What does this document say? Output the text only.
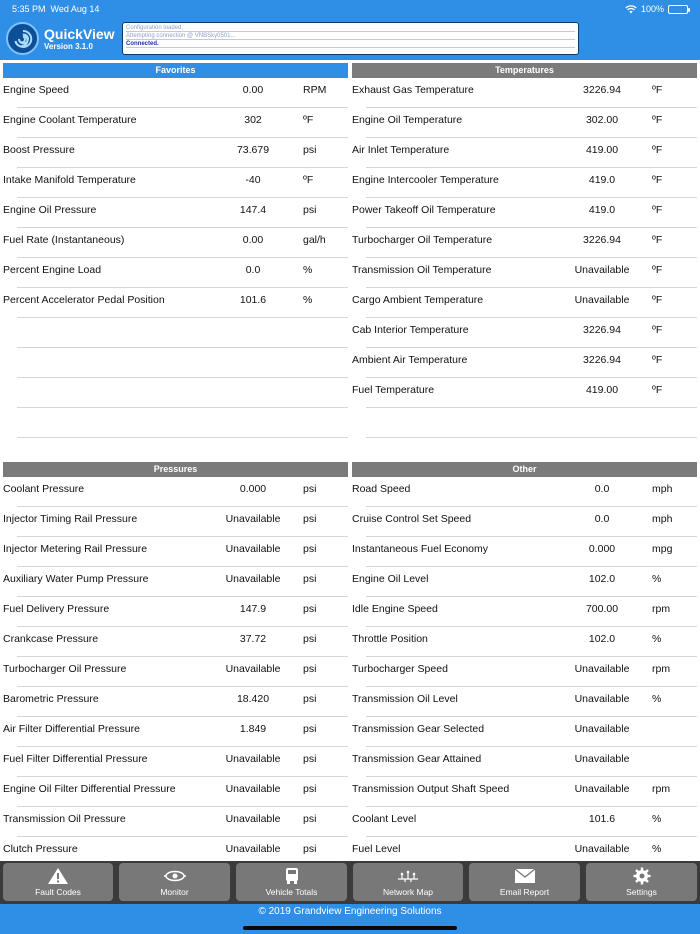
5:35 PM Wed Aug 14	100%
QuickView
Version 3.1.0
Configuration loaded.
Attempting connection @ VNBSky0501...
Connected.
Favorites
Engine Speed	0.00	RPM
Engine Coolant Temperature	302	ºF
Boost Pressure	73.679	psi
Intake Manifold Temperature	-40	ºF
Engine Oil Pressure	147.4	psi
Fuel Rate (Instantaneous)	0.00	gal/h
Percent Engine Load	0.0	%
Percent Accelerator Pedal Position	101.6	%
Temperatures
Exhaust Gas Temperature	3226.94	ºF
Engine Oil Temperature	302.00	ºF
Air Inlet Temperature	419.00	ºF
Engine Intercooler Temperature	419.0	ºF
Power Takeoff Oil Temperature	419.0	ºF
Turbocharger Oil Temperature	3226.94	ºF
Transmission Oil Temperature	Unavailable	ºF
Cargo Ambient Temperature	Unavailable	ºF
Cab Interior Temperature	3226.94	ºF
Ambient Air Temperature	3226.94	ºF
Fuel Temperature	419.00	ºF
Pressures
Coolant Pressure	0.000	psi
Injector Timing Rail Pressure	Unavailable	psi
Injector Metering Rail Pressure	Unavailable	psi
Auxiliary Water Pump Pressure	Unavailable	psi
Fuel Delivery Pressure	147.9	psi
Crankcase Pressure	37.72	psi
Turbocharger Oil Pressure	Unavailable	psi
Barometric Pressure	18.420	psi
Air Filter Differential Pressure	1.849	psi
Fuel Filter Differential Pressure	Unavailable	psi
Engine Oil Filter Differential Pressure	Unavailable	psi
Transmission Oil Pressure	Unavailable	psi
Clutch Pressure	Unavailable	psi
Other
Road Speed	0.0	mph
Cruise Control Set Speed	0.0	mph
Instantaneous Fuel Economy	0.000	mpg
Engine Oil Level	102.0	%
Idle Engine Speed	700.00	rpm
Throttle Position	102.0	%
Turbocharger Speed	Unavailable	rpm
Transmission Oil Level	Unavailable	%
Transmission Gear Selected	Unavailable
Transmission Gear Attained	Unavailable
Transmission Output Shaft Speed	Unavailable	rpm
Coolant Level	101.6	%
Fuel Level	Unavailable	%
Fault Codes	Monitor	Vehicle Totals	Network Map	Email Report	Settings
© 2019 Grandview Engineering Solutions
